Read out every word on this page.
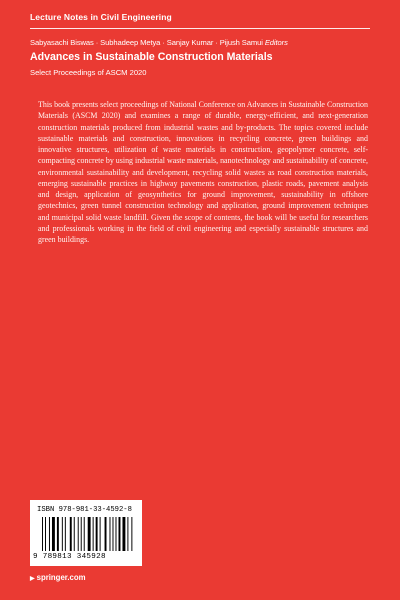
Lecture Notes in Civil Engineering
Sabyasachi Biswas · Subhadeep Metya · Sanjay Kumar · Pijush Samui Editors
Advances in Sustainable Construction Materials
Select Proceedings of ASCM 2020

This book presents select proceedings of National Conference on Advances in Sustainable Construction Materials (ASCM 2020) and examines a range of durable, energy-efficient, and next-generation construction materials produced from industrial wastes and by-products. The topics covered include sustainable materials and construction, innovations in recycling concrete, green buildings and innovative structures, utilization of waste materials in construction, geopolymer concrete, self-compacting concrete by using industrial waste materials, nanotechnology and sustainability of concrete, environmental sustainability and development, recycling solid wastes as road construction materials, emerging sustainable practices in highway pavements construction, plastic roads, pavement analysis and design, application of geosynthetics for ground improvement, sustainability in offshore geotechnics, green tunnel construction technology and application, ground improvement techniques and municipal solid waste landfill. Given the scope of contents, the book will be useful for researchers and professionals working in the field of civil engineering and especially sustainable structures and green buildings.

ISBN 978-981-33-4592-8
9 789813 345928
▶ springer.com
